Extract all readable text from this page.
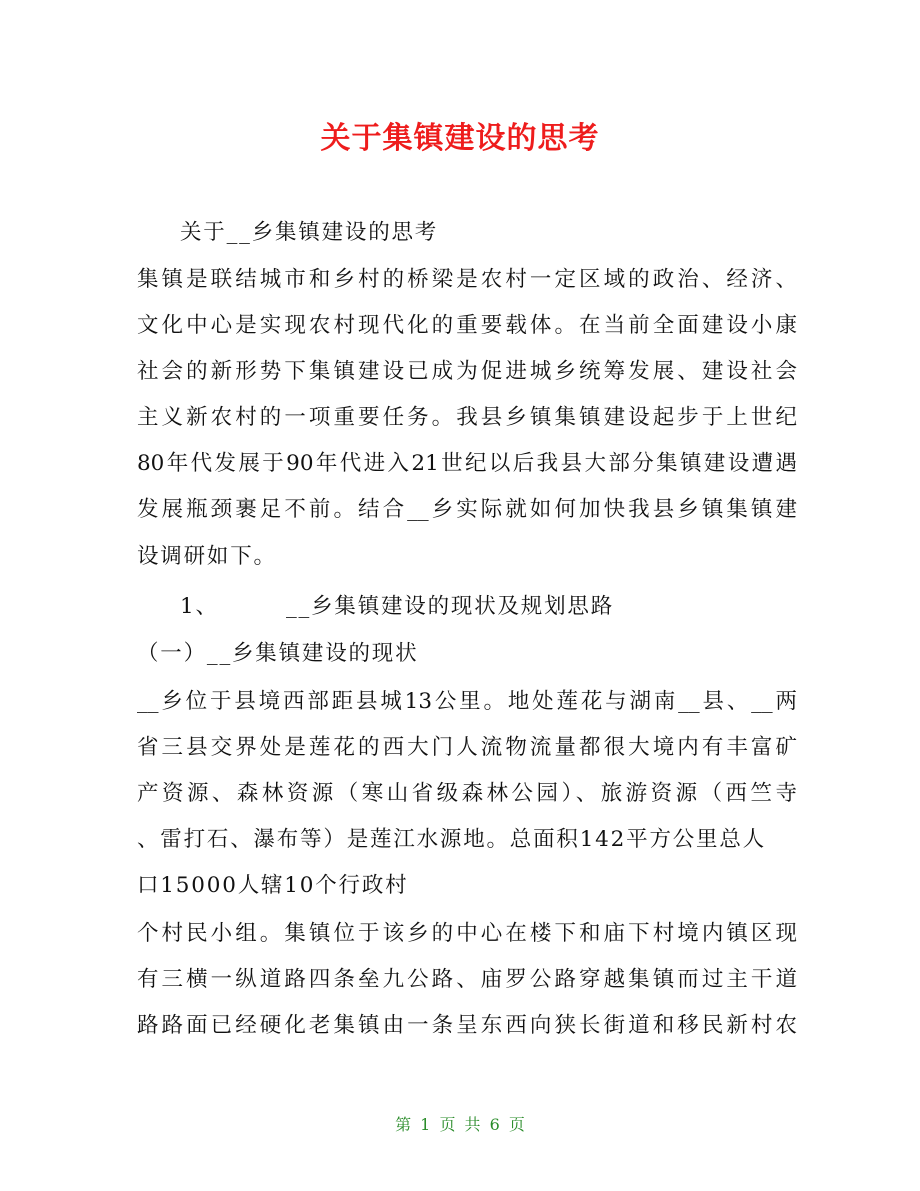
关于集镇建设的思考
关于__乡集镇建设的思考
集镇是联结城市和乡村的桥梁是农村一定区域的政治、经济、
文化中心是实现农村现代化的重要载体。在当前全面建设小康
社会的新形势下集镇建设已成为促进城乡统筹发展、建设社会
主义新农村的一项重要任务。我县乡镇集镇建设起步于上世纪
80年代发展于90年代进入21世纪以后我县大部分集镇建设遭遇
发展瓶颈裹足不前。结合__乡实际就如何加快我县乡镇集镇建
设调研如下。
1、	__乡集镇建设的现状及规划思路
（一）__乡集镇建设的现状
__乡位于县境西部距县城13公里。地处莲花与湖南__县、__两
省三县交界处是莲花的西大门人流物流量都很大境内有丰富矿
产资源、森林资源（寒山省级森林公园）、旅游资源（西竺寺
、雷打石、瀑布等）是莲江水源地。总面积142平方公里总人
口15000人辖10个行政村
个村民小组。集镇位于该乡的中心在楼下和庙下村境内镇区现
有三横一纵道路四条垒九公路、庙罗公路穿越集镇而过主干道
路路面已经硬化老集镇由一条呈东西向狭长街道和移民新村农
第 1 页 共 6 页
